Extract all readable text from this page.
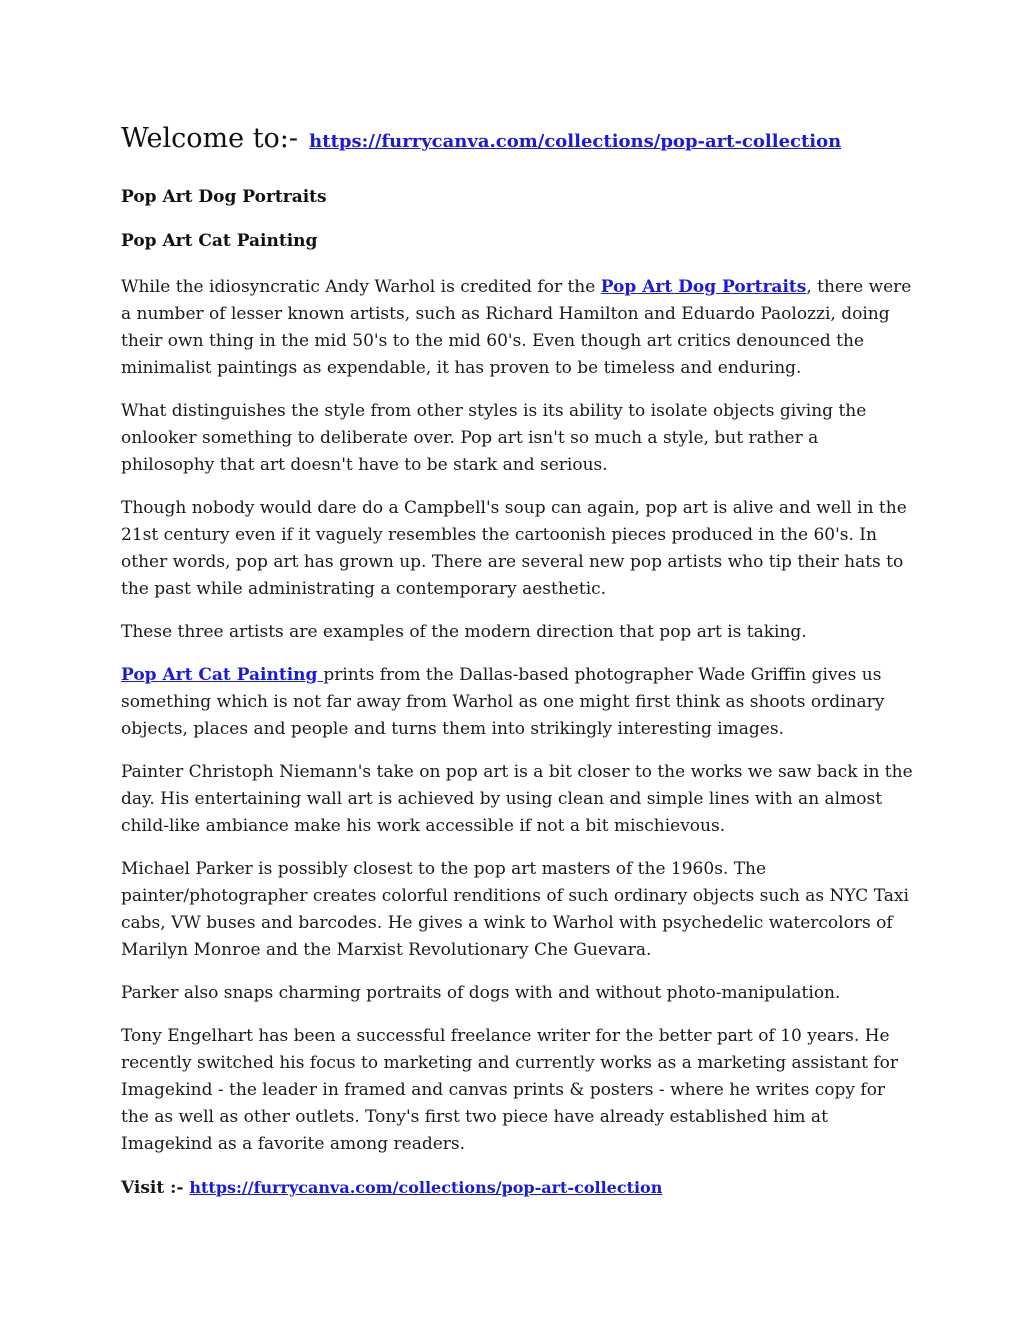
Welcome to:- https://furrycanva.com/collections/pop-art-collection
Pop Art Dog Portraits
Pop Art Cat Painting

While the idiosyncratic Andy Warhol is credited for the Pop Art Dog Portraits, there were a number of lesser known artists, such as Richard Hamilton and Eduardo Paolozzi, doing their own thing in the mid 50's to the mid 60's. Even though art critics denounced the minimalist paintings as expendable, it has proven to be timeless and enduring.

What distinguishes the style from other styles is its ability to isolate objects giving the onlooker something to deliberate over. Pop art isn't so much a style, but rather a philosophy that art doesn't have to be stark and serious.

Though nobody would dare do a Campbell's soup can again, pop art is alive and well in the 21st century even if it vaguely resembles the cartoonish pieces produced in the 60's. In other words, pop art has grown up. There are several new pop artists who tip their hats to the past while administrating a contemporary aesthetic.

These three artists are examples of the modern direction that pop art is taking.

Pop Art Cat Painting prints from the Dallas-based photographer Wade Griffin gives us something which is not far away from Warhol as one might first think as shoots ordinary objects, places and people and turns them into strikingly interesting images.

Painter Christoph Niemann's take on pop art is a bit closer to the works we saw back in the day. His entertaining wall art is achieved by using clean and simple lines with an almost child-like ambiance make his work accessible if not a bit mischievous.

Michael Parker is possibly closest to the pop art masters of the 1960s. The painter/photographer creates colorful renditions of such ordinary objects such as NYC Taxi cabs, VW buses and barcodes. He gives a wink to Warhol with psychedelic watercolors of Marilyn Monroe and the Marxist Revolutionary Che Guevara.

Parker also snaps charming portraits of dogs with and without photo-manipulation.

Tony Engelhart has been a successful freelance writer for the better part of 10 years. He recently switched his focus to marketing and currently works as a marketing assistant for Imagekind - the leader in framed and canvas prints & posters - where he writes copy for the as well as other outlets. Tony's first two piece have already established him at Imagekind as a favorite among readers.

Visit :- https://furrycanva.com/collections/pop-art-collection
